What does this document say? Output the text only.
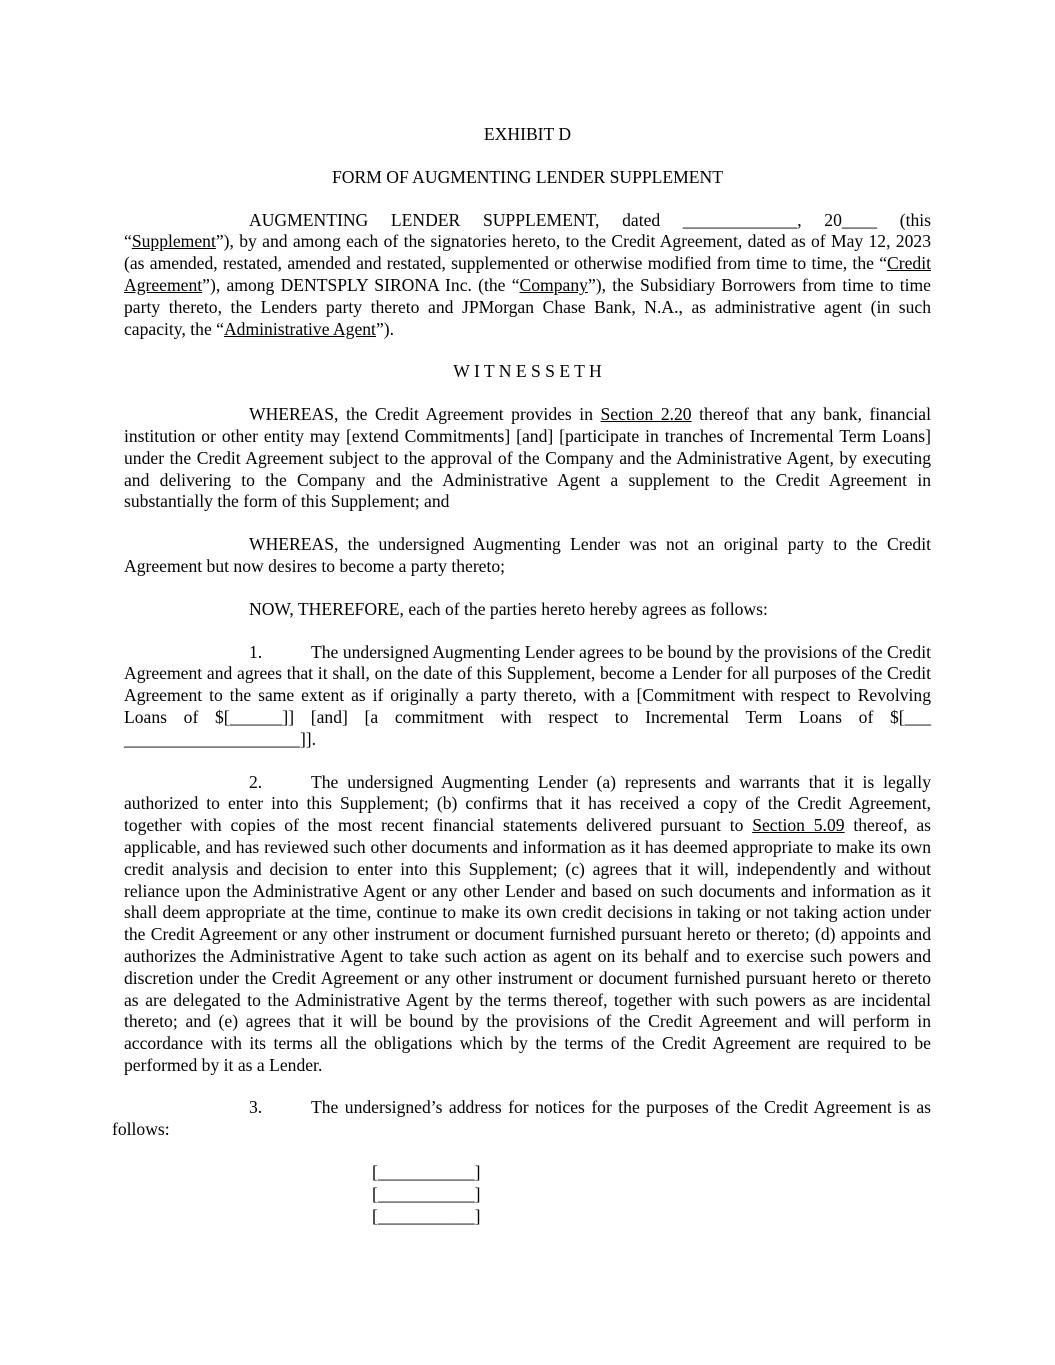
EXHIBIT D

FORM OF AUGMENTING LENDER SUPPLEMENT

AUGMENTING LENDER SUPPLEMENT, dated _____________, 20____ (this “Supplement”), by and among each of the signatories hereto, to the Credit Agreement, dated as of May 12, 2023 (as amended, restated, amended and restated, supplemented or otherwise modified from time to time, the “Credit Agreement”), among DENTSPLY SIRONA Inc. (the “Company”), the Subsidiary Borrowers from time to time party thereto, the Lenders party thereto and JPMorgan Chase Bank, N.A., as administrative agent (in such capacity, the “Administrative Agent”).

W I T N E S S E T H

WHEREAS, the Credit Agreement provides in Section 2.20 thereof that any bank, financial institution or other entity may [extend Commitments] [and] [participate in tranches of Incremental Term Loans] under the Credit Agreement subject to the approval of the Company and the Administrative Agent, by executing and delivering to the Company and the Administrative Agent a supplement to the Credit Agreement in substantially the form of this Supplement; and

WHEREAS, the undersigned Augmenting Lender was not an original party to the Credit Agreement but now desires to become a party thereto;

NOW, THEREFORE, each of the parties hereto hereby agrees as follows:

1.	The undersigned Augmenting Lender agrees to be bound by the provisions of the Credit Agreement and agrees that it shall, on the date of this Supplement, become a Lender for all purposes of the Credit Agreement to the same extent as if originally a party thereto, with a [Commitment with respect to Revolving Loans of $[______]] [and] [a commitment with respect to Incremental Term Loans of $[___ ____________________]].

2.	The undersigned Augmenting Lender (a) represents and warrants that it is legally authorized to enter into this Supplement; (b) confirms that it has received a copy of the Credit Agreement, together with copies of the most recent financial statements delivered pursuant to Section 5.09 thereof, as applicable, and has reviewed such other documents and information as it has deemed appropriate to make its own credit analysis and decision to enter into this Supplement; (c) agrees that it will, independently and without reliance upon the Administrative Agent or any other Lender and based on such documents and information as it shall deem appropriate at the time, continue to make its own credit decisions in taking or not taking action under the Credit Agreement or any other instrument or document furnished pursuant hereto or thereto; (d) appoints and authorizes the Administrative Agent to take such action as agent on its behalf and to exercise such powers and discretion under the Credit Agreement or any other instrument or document furnished pursuant hereto or thereto as are delegated to the Administrative Agent by the terms thereof, together with such powers as are incidental thereto; and (e) agrees that it will be bound by the provisions of the Credit Agreement and will perform in accordance with its terms all the obligations which by the terms of the Credit Agreement are required to be performed by it as a Lender.

3.	The undersigned’s address for notices for the purposes of the Credit Agreement is as follows:

[___________]

[___________]

[___________]
